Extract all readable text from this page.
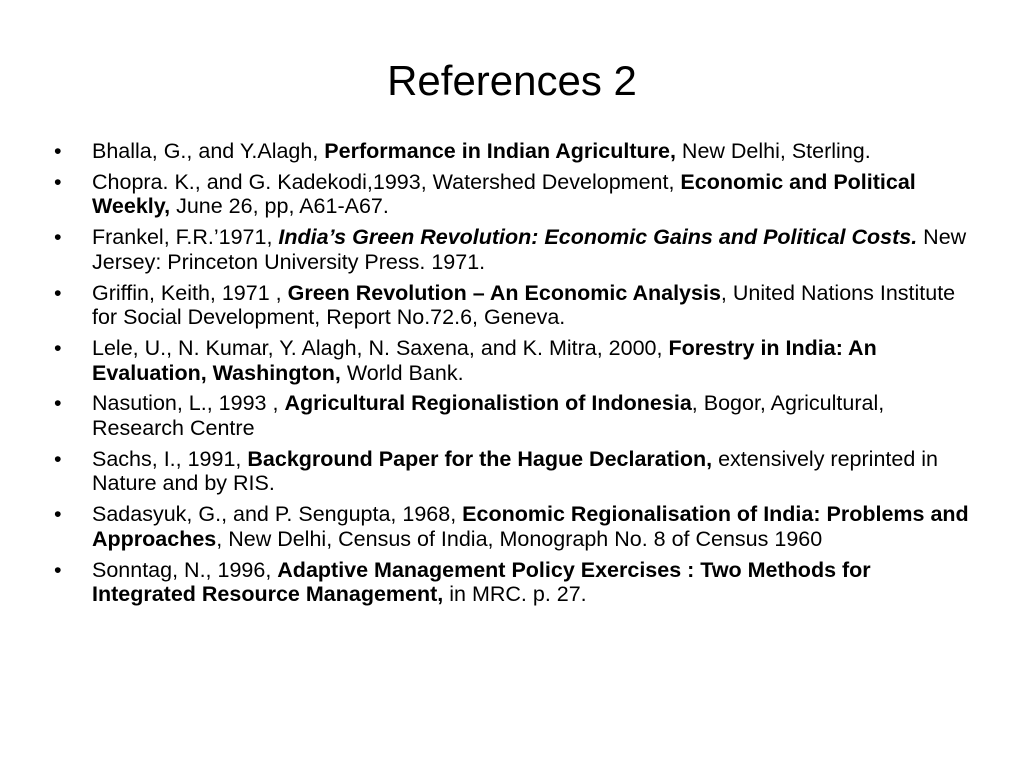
References 2
•	Bhalla, G., and Y.Alagh, Performance in Indian Agriculture, New Delhi, Sterling.
•	Chopra. K., and G. Kadekodi,1993, Watershed Development, Economic and Political Weekly, June 26, pp, A61-A67.
•	Frankel, F.R.’1971, India’s Green Revolution: Economic Gains and Political Costs. New Jersey: Princeton University Press. 1971.
•	Griffin, Keith, 1971 , Green Revolution – An Economic Analysis, United Nations Institute for Social Development, Report No.72.6, Geneva.
•	Lele, U., N. Kumar, Y. Alagh, N. Saxena, and K. Mitra, 2000, Forestry in India: An Evaluation, Washington, World Bank.
•	Nasution, L., 1993 , Agricultural Regionalistion of Indonesia, Bogor, Agricultural, Research Centre
•	Sachs, I., 1991, Background Paper for the Hague Declaration, extensively reprinted in Nature and by RIS.
•	Sadasyuk, G., and P. Sengupta, 1968, Economic Regionalisation of India: Problems and Approaches, New Delhi, Census of India, Monograph No. 8 of Census 1960
•	Sonntag, N., 1996, Adaptive Management Policy Exercises : Two Methods for Integrated Resource Management, in MRC. p. 27.
